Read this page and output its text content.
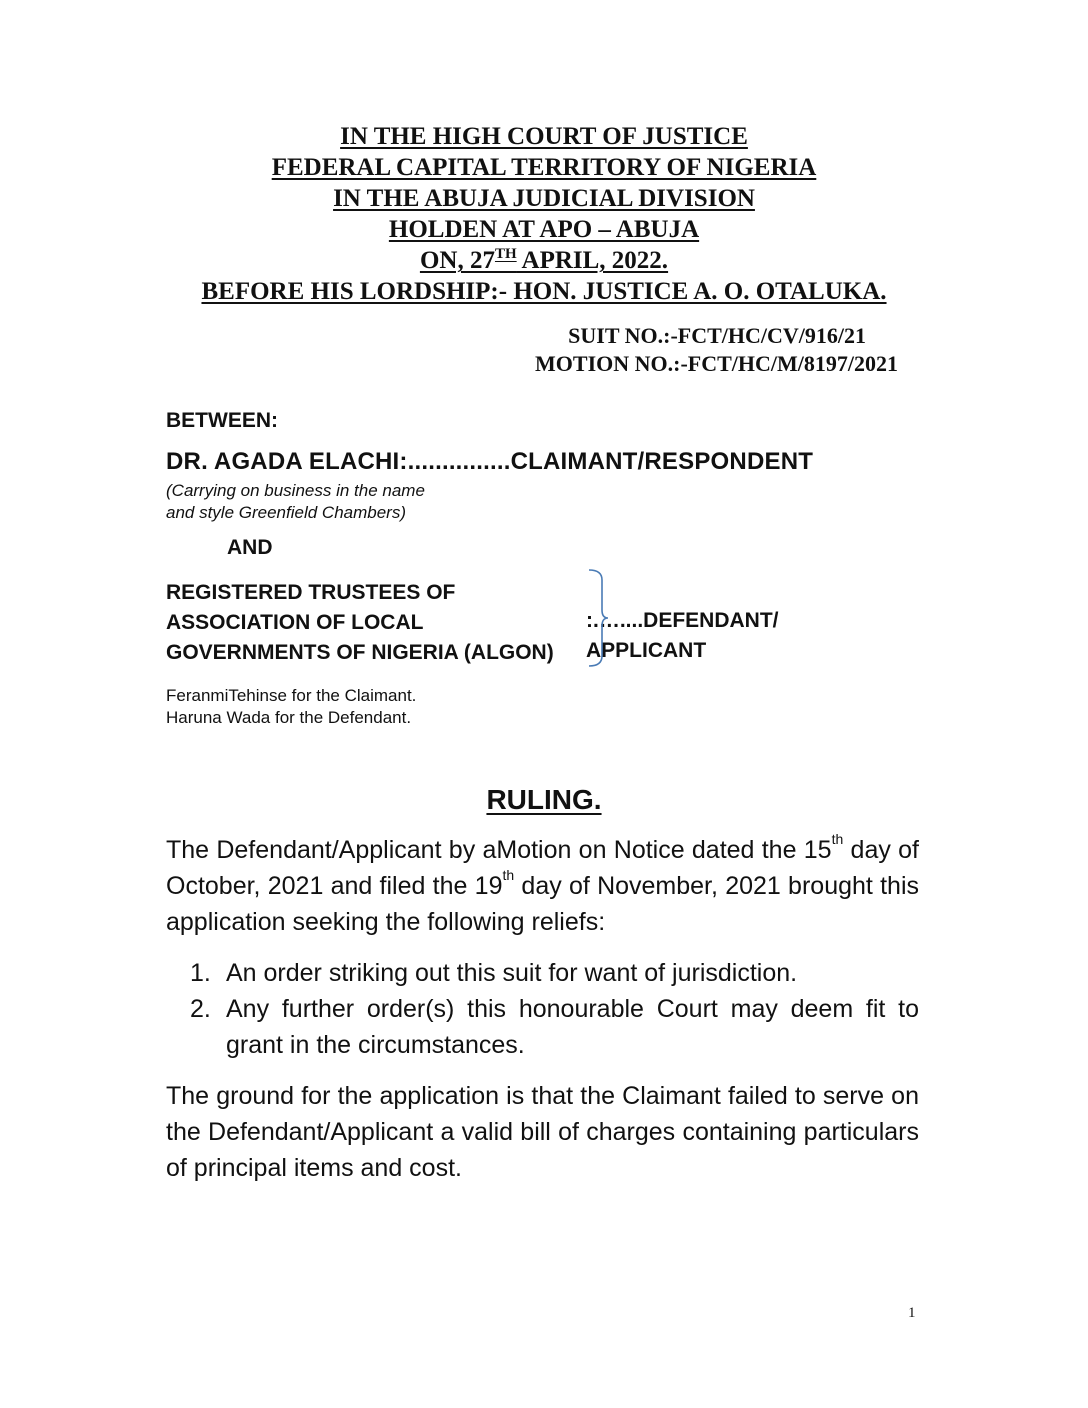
IN THE HIGH COURT OF JUSTICE
FEDERAL CAPITAL TERRITORY OF NIGERIA
IN THE ABUJA JUDICIAL DIVISION
HOLDEN AT APO – ABUJA
ON, 27TH APRIL, 2022.
BEFORE HIS LORDSHIP:- HON. JUSTICE A. O. OTALUKA.
SUIT NO.:-FCT/HC/CV/916/21
MOTION NO.:-FCT/HC/M/8197/2021
BETWEEN:
DR. AGADA ELACHI:...............CLAIMANT/RESPONDENT
(Carrying on business in the name
and style Greenfield Chambers)
AND
REGISTERED TRUSTEES OF
ASSOCIATION OF LOCAL
GOVERNMENTS OF NIGERIA (ALGON)
:.…....DEFENDANT/
APPLICANT
FeranmiTehinse for the Claimant.
Haruna Wada for the Defendant.
RULING.
The Defendant/Applicant by aMotion on Notice dated the 15th day of October, 2021 and filed the 19th day of November, 2021 brought this application seeking the following reliefs:
1. An order striking out this suit for want of jurisdiction.
2. Any further order(s) this honourable Court may deem fit to grant in the circumstances.
The ground for the application is that the Claimant failed to serve on the Defendant/Applicant a valid bill of charges containing particulars of principal items and cost.
1
